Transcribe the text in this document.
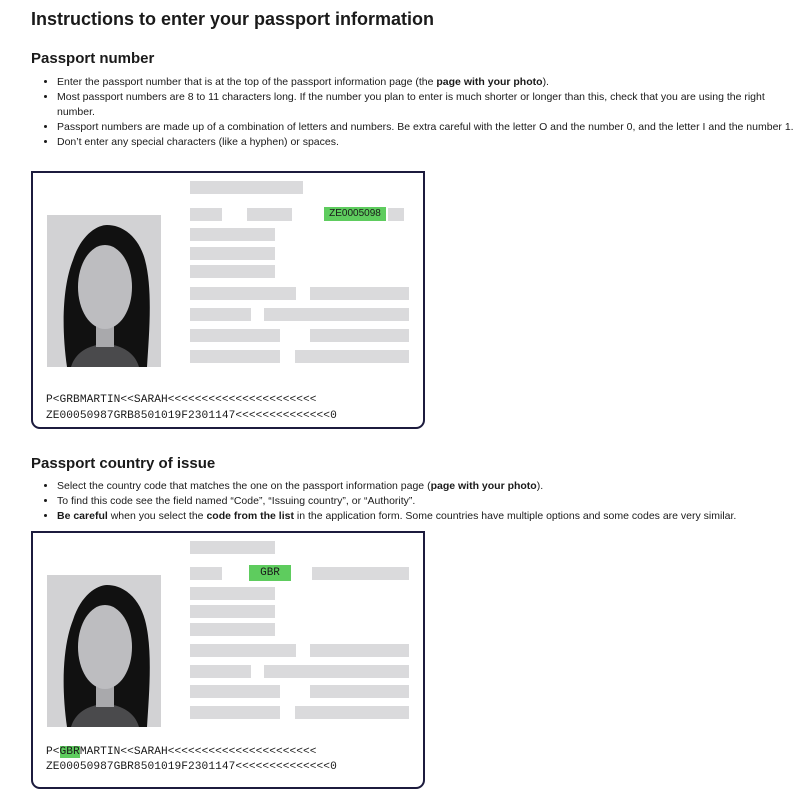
Instructions to enter your passport information
Passport number
• Enter the passport number that is at the top of the passport information page (the page with your photo).
• Most passport numbers are 8 to 11 characters long. If the number you plan to enter is much shorter or longer than this, check that you are using the right number.
• Passport numbers are made up of a combination of letters and numbers. Be extra careful with the letter O and the number 0, and the letter I and the number 1.
• Don’t enter any special characters (like a hyphen) or spaces.
ZE0005098
P<GRBMARTIN<<SARAH<<<<<<<<<<<<<<<<<<<<<<
ZE00050987GRB8501019F2301147<<<<<<<<<<<<<<0
Passport country of issue
• Select the country code that matches the one on the passport information page (page with your photo).
• To find this code see the field named “Code”, “Issuing country”, or “Authority”.
• Be careful when you select the code from the list in the application form. Some countries have multiple options and some codes are very similar.
GBR
P<GBRMARTIN<<SARAH<<<<<<<<<<<<<<<<<<<<<<
ZE00050987GBR8501019F2301147<<<<<<<<<<<<<<0
